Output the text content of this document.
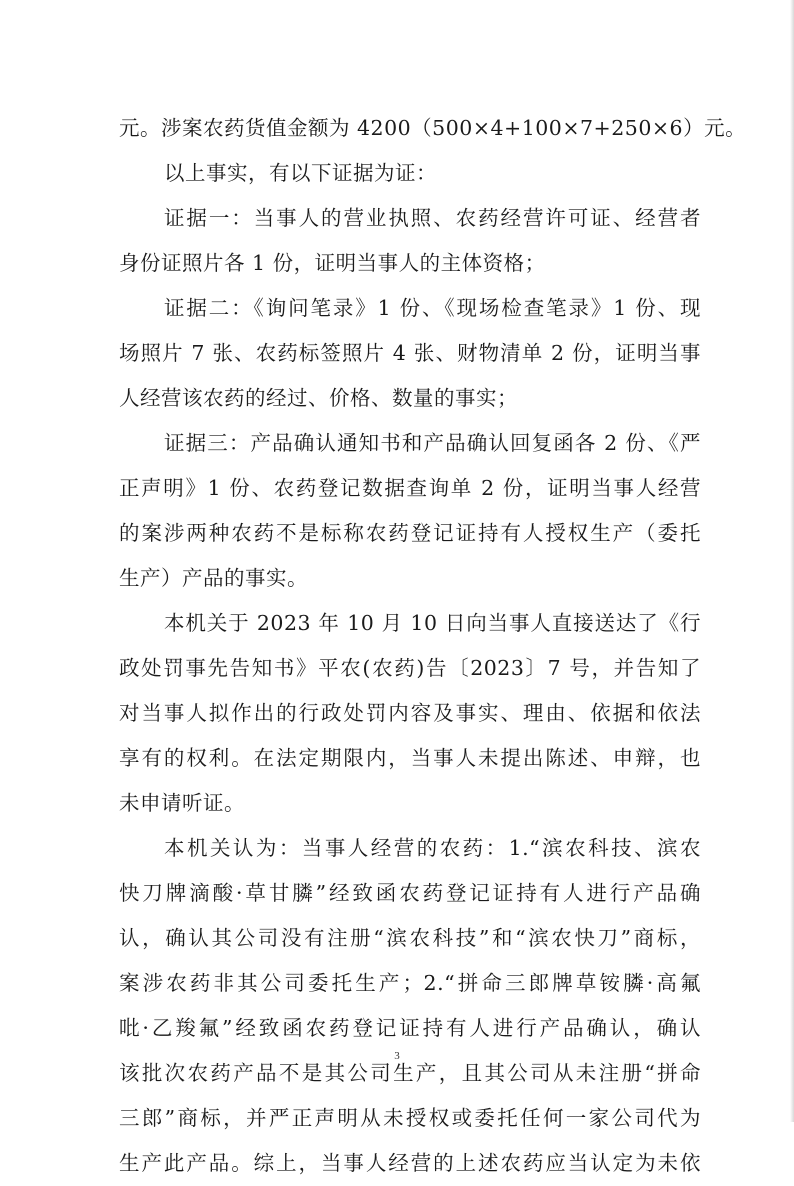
元。涉案农药货值金额为 4200（500×4+100×7+250×6）元。
以上事实，有以下证据为证：
证据一：当事人的营业执照、农药经营许可证、经营者
身份证照片各 1 份，证明当事人的主体资格；
证据二：《询问笔录》1 份、《现场检查笔录》1 份、现
场照片 7 张、农药标签照片 4 张、财物清单 2 份，证明当事
人经营该农药的经过、价格、数量的事实；
证据三：产品确认通知书和产品确认回复函各 2 份、《严
正声明》1 份、农药登记数据查询单 2 份，证明当事人经营
的案涉两种农药不是标称农药登记证持有人授权生产（委托
生产）产品的事实。
本机关于 2023 年 10 月 10 日向当事人直接送达了《行
政处罚事先告知书》平农(农药)告〔2023〕7 号，并告知了
对当事人拟作出的行政处罚内容及事实、理由、依据和依法
享有的权利。在法定期限内，当事人未提出陈述、申辩，也
未申请听证。
本机关认为：当事人经营的农药：1.“滨农科技、滨农
快刀牌滴酸·草甘膦”经致函农药登记证持有人进行产品确
认，确认其公司没有注册“滨农科技”和“滨农快刀”商标，
案涉农药非其公司委托生产；2.“拼命三郎牌草铵膦·高氟
吡·乙羧氟”经致函农药登记证持有人进行产品确认，确认
该批次农药产品不是其公司生产，且其公司从未注册“拼命
三郎”商标，并严正声明从未授权或委托任何一家公司代为
生产此产品。综上，当事人经营的上述农药应当认定为未依
3
